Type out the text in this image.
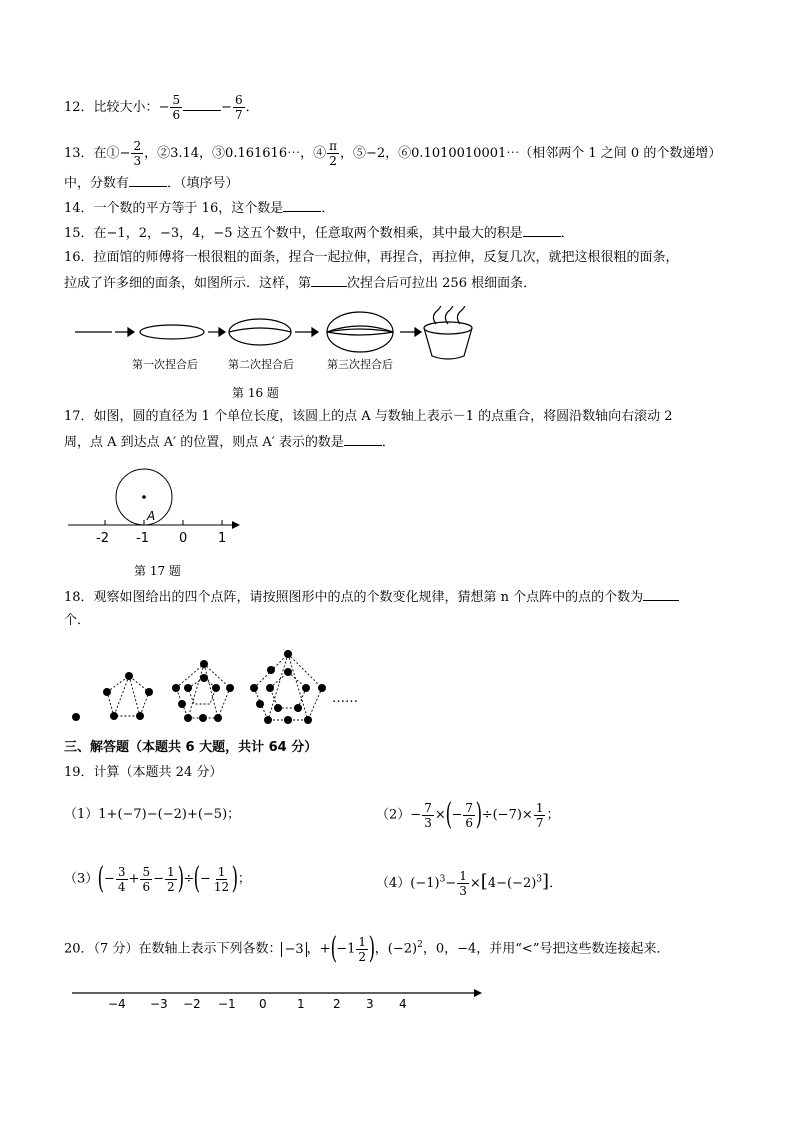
12．比较大小：− $\frac{5}{6}$	− $\frac{6}{7}$ ．
13．在①− $\frac{2}{3}$ ，②3.14，③0.161616⋯，④ $\frac{\pi}{2}$ ，⑤−2，⑥0.1010010001⋯（相邻两个 1 之间 0 的个数递增）
中，分数有	．（填序号）
14．一个数的平方等于 16，这个数是	．
15．在−1，2，−3，4，−5 这五个数中，任意取两个数相乘，其中最大的积是	．
16．拉面馆的师傅将一根很粗的面条，捏合一起拉伸，再捏合，再拉伸，反复几次，就把这根很粗的面条，
拉成了许多细的面条，如图所示．这样，第	次捏合后可拉出 256 根细面条．
第一次捏合后	第二次捏合后	第三次捏合后
第 16 题
17．如图，圆的直径为 1 个单位长度，该圆上的点 A 与数轴上表示－1 的点重合，将圆沿数轴向右滚动 2
周，点 A 到达点 A′ 的位置，则点 A′ 表示的数是	．
A
-2 -1 0 1
第 17 题
18．观察如图给出的四个点阵，请按照图形中的点的个数变化规律，猜想第 n 个点阵中的点的个数为
个．
……
三、解答题（本题共 6 大题，共计 64 分）
19．计算（本题共 24 分）
（1）1+(−7)−(−2)+(−5)；	$(2)- \frac{7}{3}$ ×(− $\frac{7}{6} )\div(-7)\times \frac{1}{7}$ ；
$(3)(- \frac{3}{4} + \frac{5}{6} - \frac{1}{2}$ )÷(− $\frac{1}{12}$ )；	$(4)(-1)^3- \frac{1}{3} \times[4-(-2)^3]$．
20．（7 分）在数轴上表示下列各数： −3 ，$+(-1 \frac{1}{2}$ )，$(-2)^2$，0，−4，并用“<”号把这些数连接起来．
−4 −3 −2 −1 0	1 2 3 4
